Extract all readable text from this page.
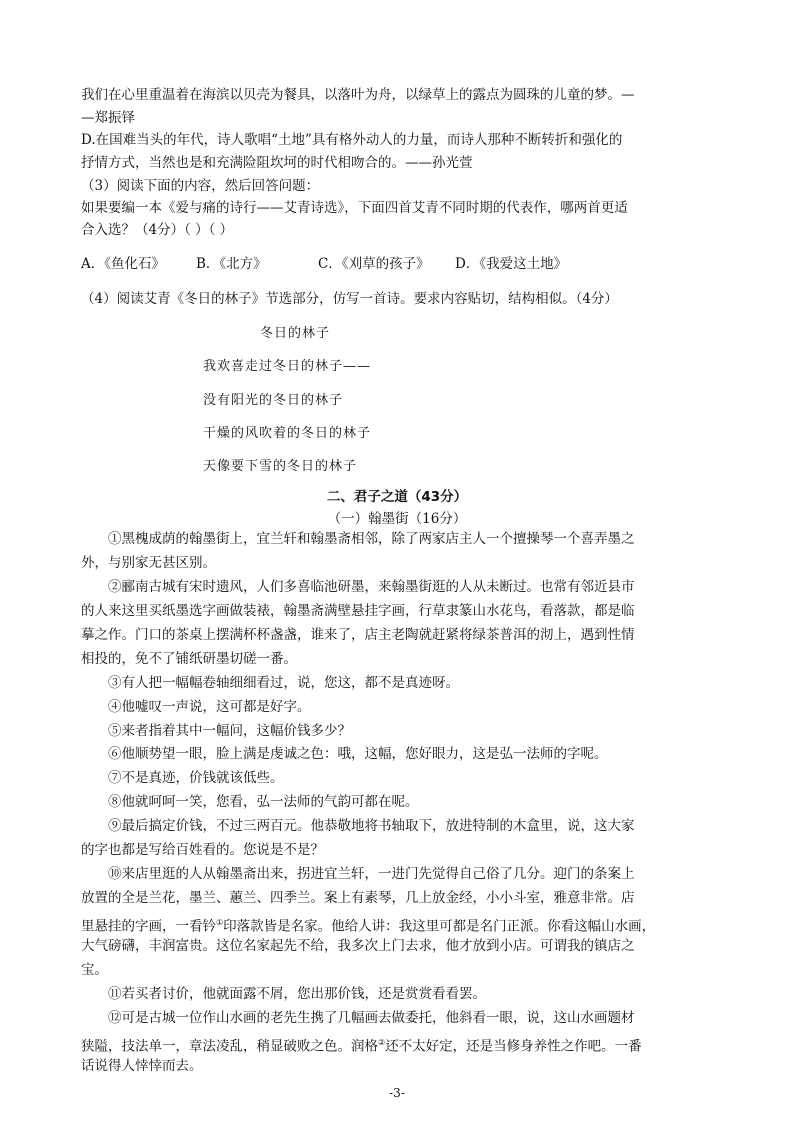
我们在心里重温着在海滨以贝壳为餐具，以落叶为舟，以绿草上的露点为圆珠的儿童的梦。—
—郑振铎
D.在国难当头的年代，诗人歌唱“土地”具有格外动人的力量，而诗人那种不断转折和强化的
抒情方式，当然也是和充满险阻坎坷的时代相吻合的。——孙光萱
（3）阅读下面的内容，然后回答问题：
如果要编一本《爱与痛的诗行——艾青诗选》，下面四首艾青不同时期的代表作，哪两首更适
合入选？（4分）（ ）（ ）
A．《鱼化石》 B．《北方》	C．《刈草的孩子》 D．《我爱这土地》
（4）阅读艾青《冬日的林子》节选部分，仿写一首诗。要求内容贴切，结构相似。（4分）
冬日的林子
我欢喜走过冬日的林子——
没有阳光的冬日的林子
干燥的风吹着的冬日的林子
天像要下雪的冬日的林子
二、君子之道（43分）
（一）翰墨街（16分）
①黑槐成荫的翰墨街上，宜兰轩和翰墨斋相邻，除了两家店主人一个擅操琴一个喜弄墨之
外，与别家无甚区别。
②郦南古城有宋时遗风，人们多喜临池研墨，来翰墨街逛的人从未断过。也常有邻近县市
的人来这里买纸墨选字画做装裱，翰墨斋满壁悬挂字画，行草隶篆山水花鸟，看落款，都是临
摹之作。门口的茶桌上摆满杯杯盏盏，谁来了，店主老陶就赶紧将绿茶普洱的沏上，遇到性情
相投的，免不了铺纸研墨切磋一番。
③有人把一幅幅卷轴细细看过，说，您这，都不是真迹呀。
④他嘘叹一声说，这可都是好字。
⑤来者指着其中一幅问，这幅价钱多少？
⑥他顺势望一眼，脸上满是虔诚之色：哦，这幅，您好眼力，这是弘一法师的字呢。
⑦不是真迹，价钱就该低些。
⑧他就呵呵一笑，您看，弘一法师的气韵可都在呢。
⑨最后搞定价钱，不过三两百元。他恭敬地将书轴取下，放进特制的木盒里，说，这大家
的字也都是写给百姓看的。您说是不是？
⑩来店里逛的人从翰墨斋出来，拐进宜兰轩，一进门先觉得自己俗了几分。迎门的条案上
放置的全是兰花，墨兰、蕙兰、四季兰。案上有素琴，几上放金经，小小斗室，雅意非常。店
里悬挂的字画，一看钤①印落款皆是名家。他给人讲：我这里可都是名门正派。你看这幅山水画，
大气磅礴，丰润富贵。这位名家起先不给，我多次上门去求，他才放到小店。可谓我的镇店之
宝。
⑪若买者讨价，他就面露不屑，您出那价钱，还是赏赏看看罢。
⑫可是古城一位作山水画的老先生携了几幅画去做委托，他斜看一眼，说，这山水画题材
狭隘，技法单一，章法凌乱，稍显破败之色。润格②还不太好定，还是当修身养性之作吧。一番
话说得人悻悻而去。
-3-
